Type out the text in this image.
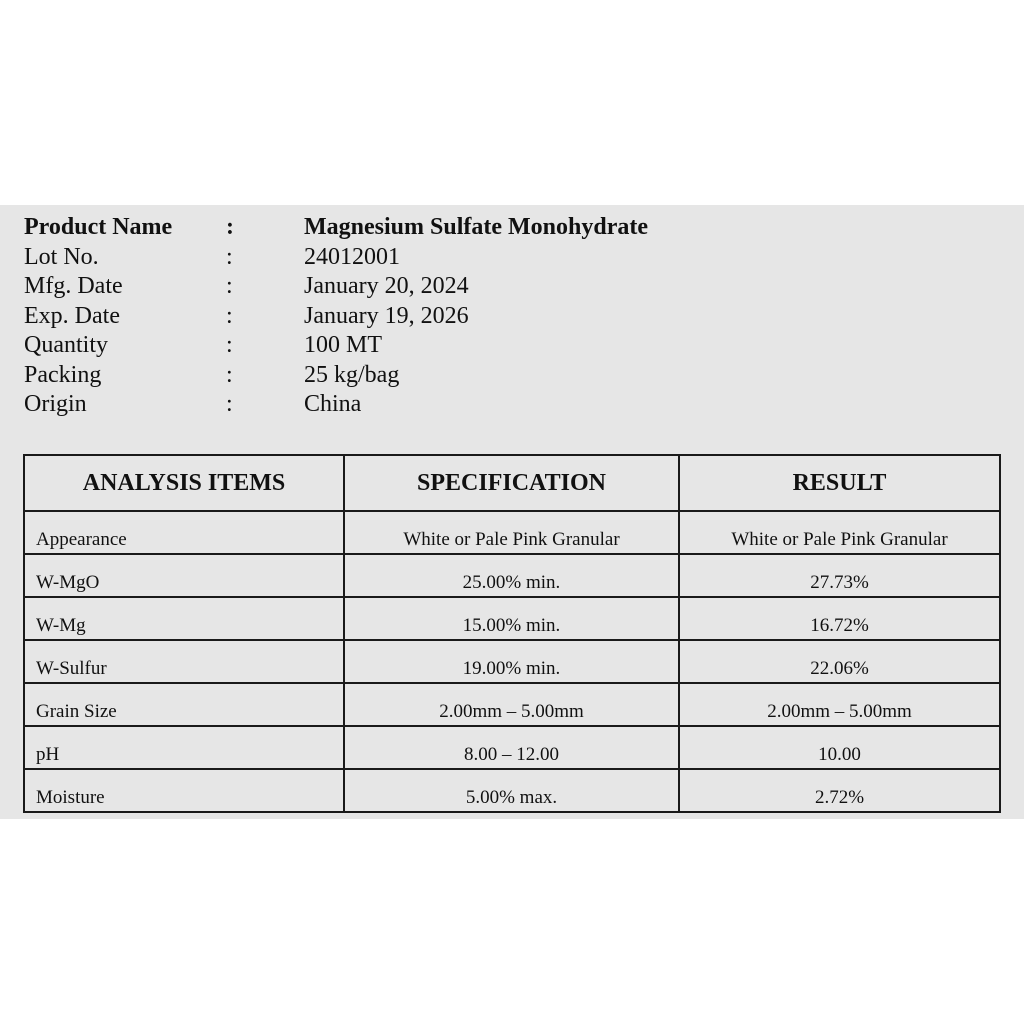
Product Name :	Magnesium Sulfate Monohydrate
Lot No.	:	24012001
Mfg. Date	:	January 20, 2024
Exp. Date	:	January 19, 2026
Quantity	:	100 MT
Packing	:	25 kg/bag
Origin	:	China
ANALYSIS ITEMS	SPECIFICATION	RESULT
Appearance	White or Pale Pink Granular	White or Pale Pink Granular
W-MgO	25.00% min.	27.73%
W-Mg	15.00% min.	16.72%
W-Sulfur	19.00% min.	22.06%
Grain Size	2.00mm – 5.00mm	2.00mm – 5.00mm
pH	8.00 – 12.00	10.00
Moisture	5.00% max.	2.72%
